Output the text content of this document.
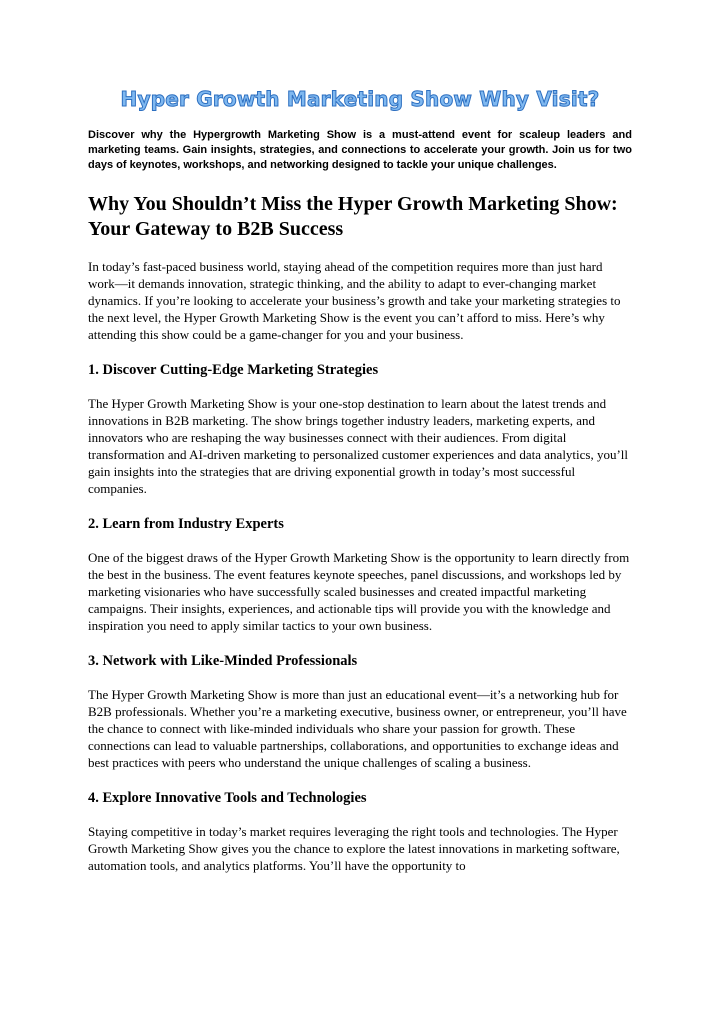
Hyper Growth Marketing Show Why Visit?

Discover why the Hypergrowth Marketing Show is a must-attend event for scaleup leaders and marketing teams. Gain insights, strategies, and connections to accelerate your growth. Join us for two days of keynotes, workshops, and networking designed to tackle your unique challenges.

Why You Shouldn’t Miss the Hyper Growth Marketing Show: Your Gateway to B2B Success

In today’s fast-paced business world, staying ahead of the competition requires more than just hard work—it demands innovation, strategic thinking, and the ability to adapt to ever-changing market dynamics. If you’re looking to accelerate your business’s growth and take your marketing strategies to the next level, the Hyper Growth Marketing Show is the event you can’t afford to miss. Here’s why attending this show could be a game-changer for you and your business.

1. Discover Cutting-Edge Marketing Strategies

The Hyper Growth Marketing Show is your one-stop destination to learn about the latest trends and innovations in B2B marketing. The show brings together industry leaders, marketing experts, and innovators who are reshaping the way businesses connect with their audiences. From digital transformation and AI-driven marketing to personalized customer experiences and data analytics, you’ll gain insights into the strategies that are driving exponential growth in today’s most successful companies.

2. Learn from Industry Experts

One of the biggest draws of the Hyper Growth Marketing Show is the opportunity to learn directly from the best in the business. The event features keynote speeches, panel discussions, and workshops led by marketing visionaries who have successfully scaled businesses and created impactful marketing campaigns. Their insights, experiences, and actionable tips will provide you with the knowledge and inspiration you need to apply similar tactics to your own business.

3. Network with Like-Minded Professionals

The Hyper Growth Marketing Show is more than just an educational event—it’s a networking hub for B2B professionals. Whether you’re a marketing executive, business owner, or entrepreneur, you’ll have the chance to connect with like-minded individuals who share your passion for growth. These connections can lead to valuable partnerships, collaborations, and opportunities to exchange ideas and best practices with peers who understand the unique challenges of scaling a business.

4. Explore Innovative Tools and Technologies

Staying competitive in today’s market requires leveraging the right tools and technologies. The Hyper Growth Marketing Show gives you the chance to explore the latest innovations in marketing software, automation tools, and analytics platforms. You’ll have the opportunity to
